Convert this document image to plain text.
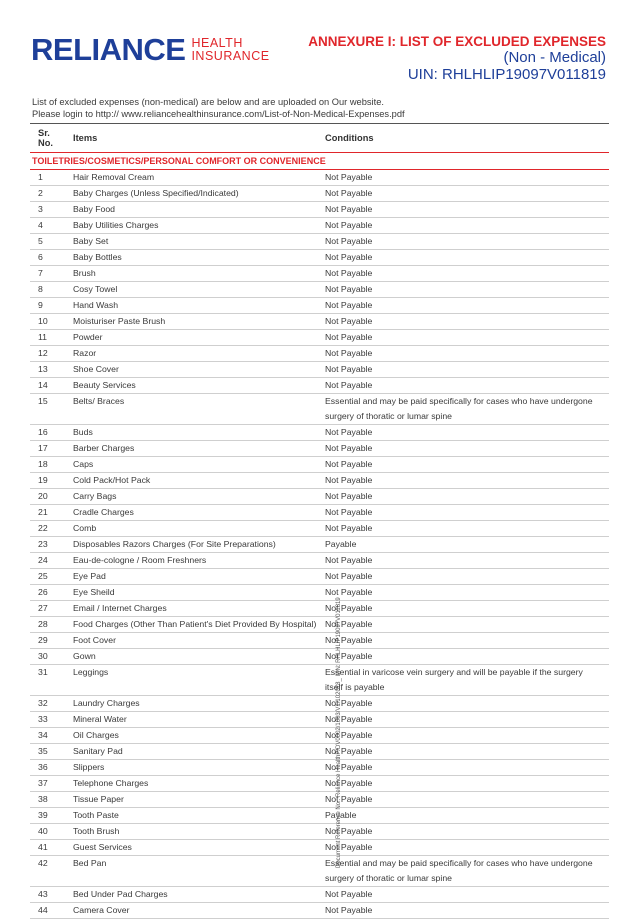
RELIANCE HEALTH
INSURANCE
ANNEXURE I: LIST OF EXCLUDED EXPENSES
(Non - Medical)
UIN: RHLHLIP19097V011819
List of excluded expenses (non-medical) are below and are uploaded on Our website.
Please login to http:// www.reliancehealthinsurance.com/List-of-Non-Medical-Expenses.pdf
Sr.
No.	Items	Conditions
TOILETRIES/COSMETICS/PERSONAL COMFORT OR CONVENIENCE
1	Hair Removal Cream	Not Payable
2	Baby Charges (Unless Specified/Indicated)	Not Payable
3	Baby Food	Not Payable
4	Baby Utilities Charges	Not Payable
5	Baby Set	Not Payable
6	Baby Bottles	Not Payable
7	Brush	Not Payable
8	Cosy Towel	Not Payable
9	Hand Wash	Not Payable
10	Moisturiser Paste Brush	Not Payable
11	Powder	Not Payable
12	Razor	Not Payable
13	Shoe Cover	Not Payable
14	Beauty Services	Not Payable
15	Belts/ Braces	Essential and may be paid specifically for cases who have undergone surgery of thoratic or lumar spine
16	Buds	Not Payable
17	Barber Charges	Not Payable
18	Caps	Not Payable
19	Cold Pack/Hot Pack	Not Payable
20	Carry Bags	Not Payable
21	Cradle Charges	Not Payable
22	Comb	Not Payable
23	Disposables Razors Charges (For Site Preparations)	Payable
24	Eau-de-cologne / Room Freshners	Not Payable
25	Eye Pad	Not Payable
26	Eye Sheild	Not Payable
27	Email / Internet Charges	Not Payable
28	Food Charges (Other Than Patient's Diet Provided By Hospital) Not Payable
29	Foot Cover	Not Payable
30	Gown	Not Payable
31	Leggings	Essential in varicose vein surgery and will be payable if the surgery itself is payable
32	Laundry Charges	Not Payable
33	Mineral Water	Not Payable
34	Oil Charges	Not Payable
35	Sanitary Pad	Not Payable
36	Slippers	Not Payable
37	Telephone Charges	Not Payable
38	Tissue Paper	Not Payable
39	Tooth Paste	Payable
40	Tooth Brush	Not Payable
41	Guest Services	Not Payable
42	Bed Pan	Essential and may be paid specifically for cases who have undergone surgery of thoratic or lumar spine
43	Bed Under Pad Charges	Not Payable
44	Camera Cover	Not Payable
Document Reference No.: Reliance HealthP/DV0002/1003/V1/102018_ UIN: RHLHLIP19097V011819
